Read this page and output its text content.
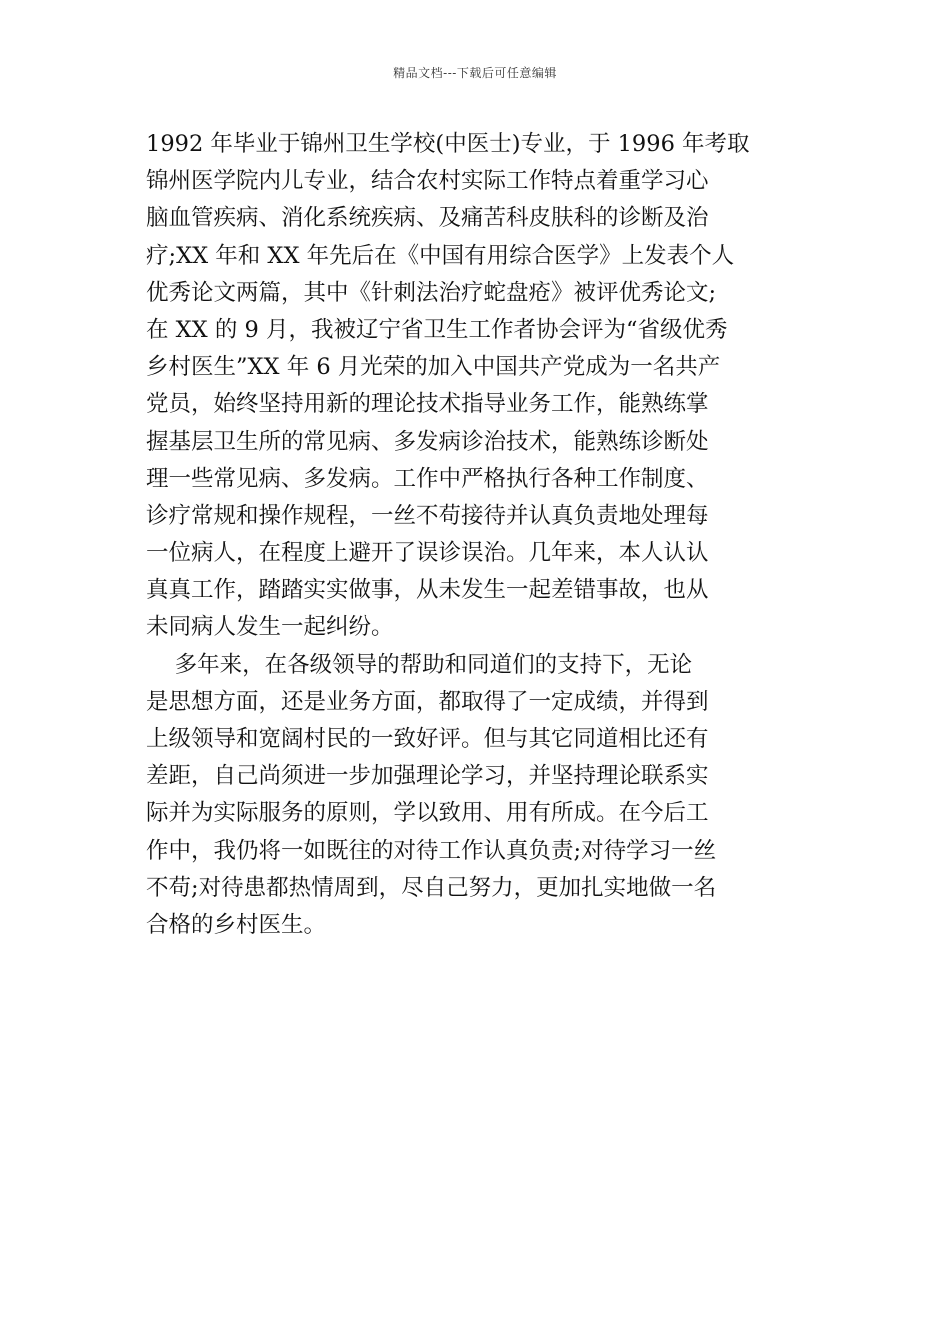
精品文档---下载后可任意编辑
1992 年毕业于锦州卫生学校(中医士)专业，于 1996 年考取
锦州医学院内儿专业，结合农村实际工作特点着重学习心
脑血管疾病、消化系统疾病、及痛苦科皮肤科的诊断及治
疗;XX 年和 XX 年先后在《中国有用综合医学》上发表个人
优秀论文两篇，其中《针刺法治疗蛇盘疮》被评优秀论文;
在 XX 的 9 月，我被辽宁省卫生工作者协会评为“省级优秀
乡村医生”XX 年 6 月光荣的加入中国共产党成为一名共产
党员，始终坚持用新的理论技术指导业务工作，能熟练掌
握基层卫生所的常见病、多发病诊治技术，能熟练诊断处
理一些常见病、多发病。工作中严格执行各种工作制度、
诊疗常规和操作规程，一丝不苟接待并认真负责地处理每
一位病人，在程度上避开了误诊误治。几年来，本人认认
真真工作，踏踏实实做事，从未发生一起差错事故，也从
未同病人发生一起纠纷。
多年来，在各级领导的帮助和同道们的支持下，无论
是思想方面，还是业务方面，都取得了一定成绩，并得到
上级领导和宽阔村民的一致好评。但与其它同道相比还有
差距，自己尚须进一步加强理论学习，并坚持理论联系实
际并为实际服务的原则，学以致用、用有所成。在今后工
作中，我仍将一如既往的对待工作认真负责;对待学习一丝
不苟;对待患都热情周到，尽自己努力，更加扎实地做一名
合格的乡村医生。
